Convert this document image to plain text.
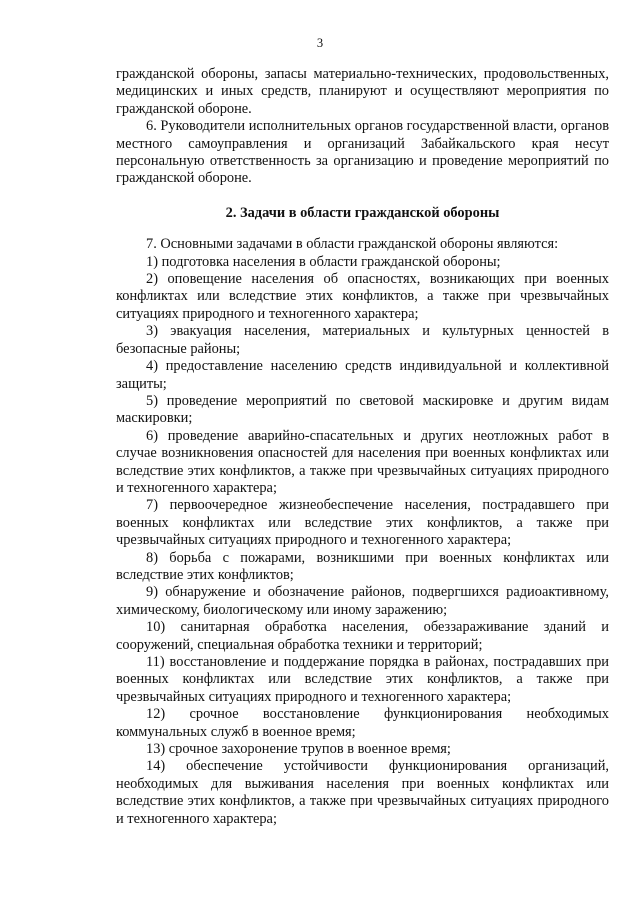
3

гражданской обороны, запасы материально-технических, продовольственных, медицинских и иных средств, планируют и осуществляют мероприятия по гражданской обороне.

6. Руководители исполнительных органов государственной власти, органов местного самоуправления и организаций Забайкальского края несут персональную ответственность за организацию и проведение мероприятий по гражданской обороне.

2. Задачи в области гражданской обороны

7. Основными задачами в области гражданской обороны являются:

1) подготовка населения в области гражданской обороны;

2) оповещение населения об опасностях, возникающих при военных конфликтах или вследствие этих конфликтов, а также при чрезвычайных ситуациях природного и техногенного характера;

3) эвакуация населения, материальных и культурных ценностей в безопасные районы;

4) предоставление населению средств индивидуальной и коллективной защиты;

5) проведение мероприятий по световой маскировке и другим видам маскировки;

6) проведение аварийно-спасательных и других неотложных работ в случае возникновения опасностей для населения при военных конфликтах или вследствие этих конфликтов, а также при чрезвычайных ситуациях природного и техногенного характера;

7) первоочередное жизнеобеспечение населения, пострадавшего при военных конфликтах или вследствие этих конфликтов, а также при чрезвычайных ситуациях природного и техногенного характера;

8) борьба с пожарами, возникшими при военных конфликтах или вследствие этих конфликтов;

9) обнаружение и обозначение районов, подвергшихся радиоактивному, химическому, биологическому или иному заражению;

10) санитарная обработка населения, обеззараживание зданий и сооружений, специальная обработка техники и территорий;

11) восстановление и поддержание порядка в районах, пострадавших при военных конфликтах или вследствие этих конфликтов, а также при чрезвычайных ситуациях природного и техногенного характера;

12) срочное восстановление функционирования необходимых коммунальных служб в военное время;

13) срочное захоронение трупов в военное время;

14) обеспечение устойчивости функционирования организаций, необходимых для выживания населения при военных конфликтах или вследствие этих конфликтов, а также при чрезвычайных ситуациях природного и техногенного характера;
